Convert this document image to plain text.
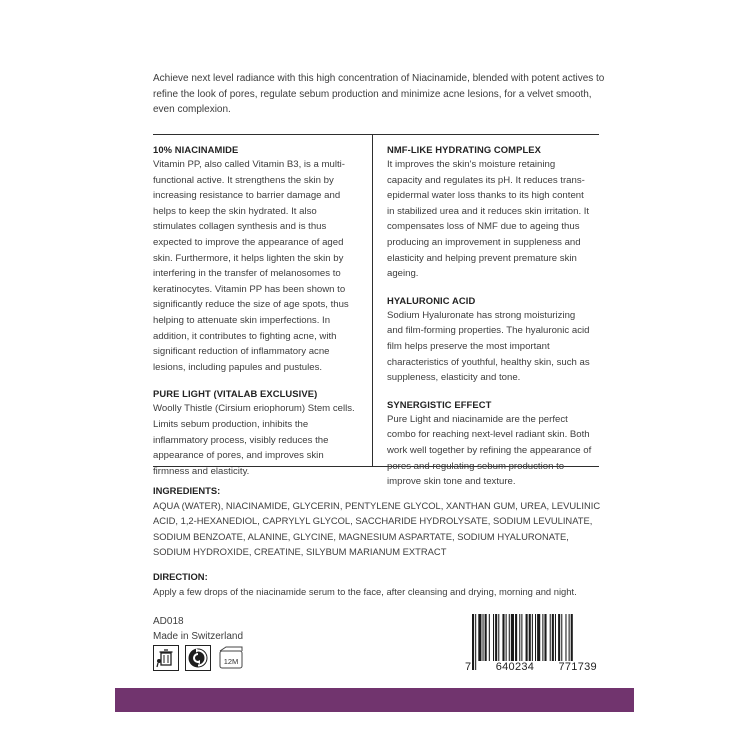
Achieve next level radiance with this high concentration of Niacinamide, blended with potent actives to refine the look of pores, regulate sebum production and minimize acne lesions, for a velvet smooth, even complexion.
10% NIACINAMIDE

Vitamin PP, also called Vitamin B3, is a multi-functional active. It strengthens the skin by increasing resistance to barrier damage and helps to keep the skin hydrated. It also stimulates collagen synthesis and is thus expected to improve the appearance of aged skin. Furthermore, it helps lighten the skin by interfering in the transfer of melanosomes to keratinocytes. Vitamin PP has been shown to significantly reduce the size of age spots, thus helping to attenuate skin imperfections. In addition, it contributes to fighting acne, with significant reduction of inflammatory acne lesions, including papules and pustules.

PURE LIGHT (VITALAB EXCLUSIVE)

Woolly Thistle (Cirsium eriophorum) Stem cells. Limits sebum production, inhibits the inflammatory process, visibly reduces the appearance of pores, and improves skin firmness and elasticity.

NMF-LIKE HYDRATING COMPLEX

It improves the skin's moisture retaining capacity and regulates its pH. It reduces trans-epidermal water loss thanks to its high content in stabilized urea and it reduces skin irritation. It compensates loss of NMF due to ageing thus producing an improvement in suppleness and elasticity and helping prevent premature skin ageing.

HYALURONIC ACID

Sodium Hyaluronate has strong moisturizing and film-forming properties. The hyaluronic acid film helps preserve the most important characteristics of youthful, healthy skin, such as suppleness, elasticity and tone.

SYNERGISTIC EFFECT

Pure Light and niacinamide are the perfect combo for reaching next-level radiant skin. Both work well together by refining the appearance of pores and regulating sebum production to improve skin tone and texture.

INGREDIENTS:

AQUA (WATER), NIACINAMIDE, GLYCERIN, PENTYLENE GLYCOL, XANTHAN GUM, UREA, LEVULINIC ACID, 1,2-HEXANEDIOL, CAPRYLYL GLYCOL, SACCHARIDE HYDROLYSATE, SODIUM LEVULINATE, SODIUM BENZOATE, ALANINE, GLYCINE, MAGNESIUM ASPARTATE, SODIUM HYALURONATE, SODIUM HYDROXIDE, CREATINE, SILYBUM MARIANUM EXTRACT

DIRECTION:

Apply a few drops of the niacinamide serum to the face, after cleansing and drying, morning and night.

AD018
Made in Switzerland
12M	7 640234 771739
